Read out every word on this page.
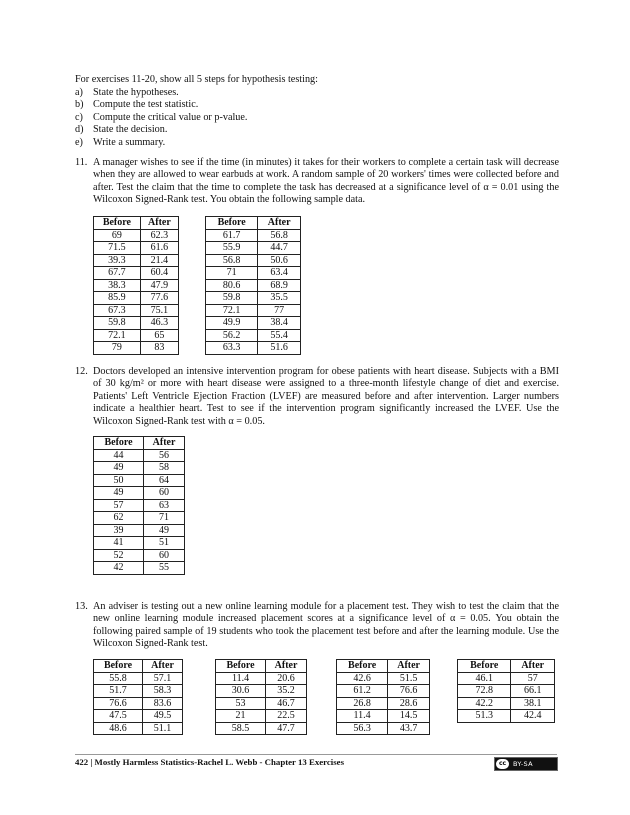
For exercises 11-20, show all 5 steps for hypothesis testing:
a) State the hypotheses.
b) Compute the test statistic.
c) Compute the critical value or p-value.
d) State the decision.
e) Write a summary.
11. A manager wishes to see if the time (in minutes) it takes for their workers to complete a certain task will decrease when they are allowed to wear earbuds at work. A random sample of 20 workers' times were collected before and after. Test the claim that the time to complete the task has decreased at a significance level of α = 0.01 using the Wilcoxon Signed-Rank test. You obtain the following sample data.
Before	After
69	62.3
71.5	61.6
39.3	21.4
67.7	60.4
38.3	47.9
85.9	77.6
67.3	75.1
59.8	46.3
72.1	65
79	83
Before	After
61.7	56.8
55.9	44.7
56.8	50.6
71	63.4
80.6	68.9
59.8	35.5
72.1	77
49.9	38.4
56.2	55.4
63.3	51.6
12. Doctors developed an intensive intervention program for obese patients with heart disease. Subjects with a BMI of 30 kg/m² or more with heart disease were assigned to a three-month lifestyle change of diet and exercise. Patients' Left Ventricle Ejection Fraction (LVEF) are measured before and after intervention. Larger numbers indicate a healthier heart. Test to see if the intervention program significantly increased the LVEF. Use the Wilcoxon Signed-Rank test with α = 0.05.
Before	After
44	56
49	58
50	64
49	60
57	63
62	71
39	49
41	51
52	60
42	55
13. An adviser is testing out a new online learning module for a placement test. They wish to test the claim that the new online learning module increased placement scores at a significance level of α = 0.05. You obtain the following paired sample of 19 students who took the placement test before and after the learning module. Use the Wilcoxon Signed-Rank test.
Before	After
55.8	57.1
51.7	58.3
76.6	83.6
47.5	49.5
48.6	51.1
Before	After
11.4	20.6
30.6	35.2
53	46.7
21	22.5
58.5	47.7
Before	After
42.6	51.5
61.2	76.6
26.8	28.6
11.4	14.5
56.3	43.7
Before	After
46.1	57
72.8	66.1
42.2	38.1
51.3	42.4
422 | Mostly Harmless Statistics-Rachel L. Webb - Chapter 13 Exercises	cc	BY-SA
